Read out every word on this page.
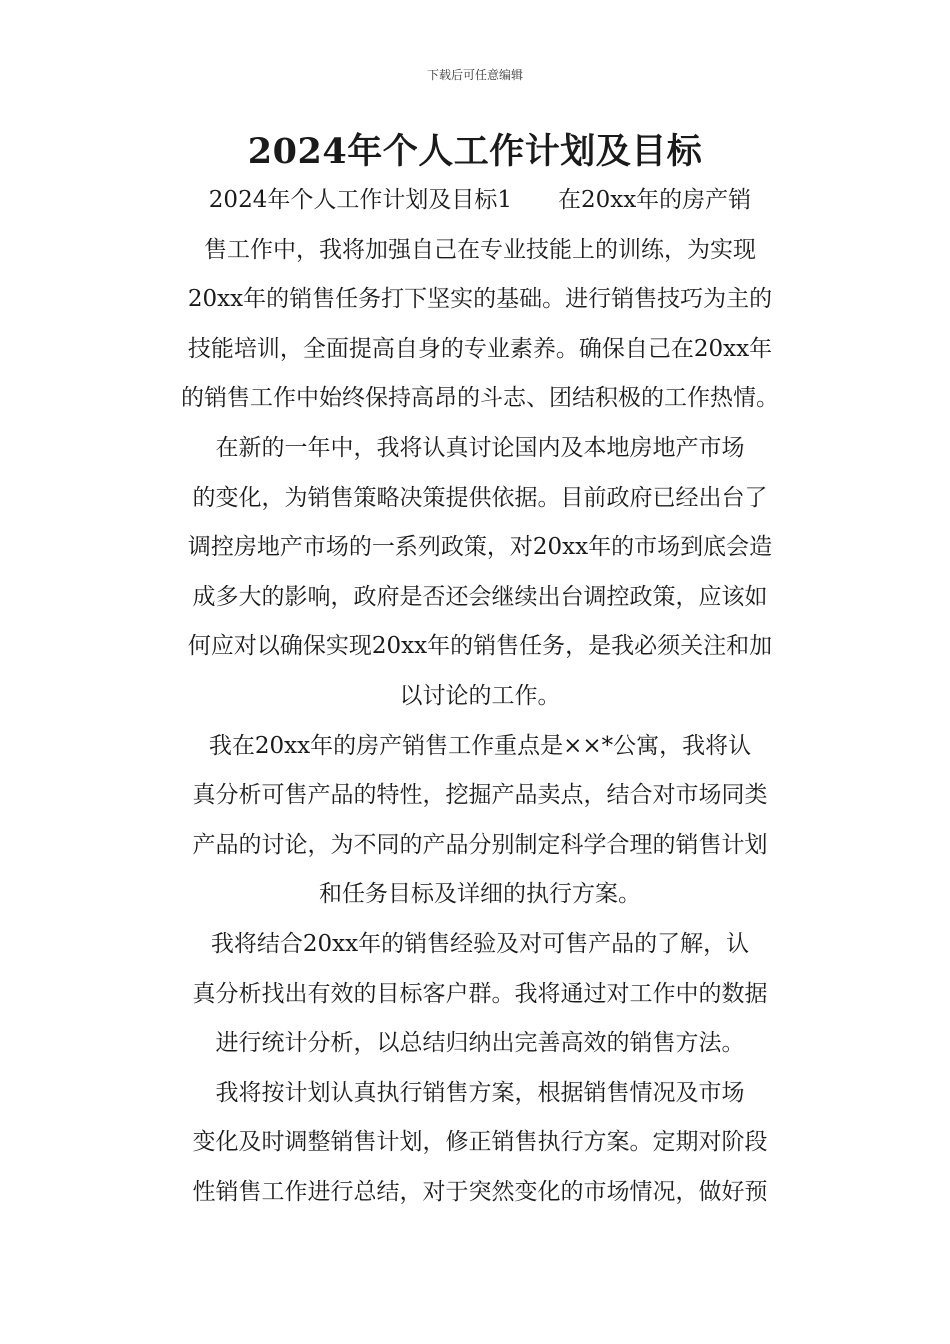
下载后可任意编辑
2024年个人工作计划及目标
2024年个人工作计划及目标1　　在20xx年的房产销
售工作中，我将加强自己在专业技能上的训练，为实现
20xx年的销售任务打下坚实的基础。进行销售技巧为主的
技能培训，全面提高自身的专业素养。确保自己在20xx年
的销售工作中始终保持高昂的斗志、团结积极的工作热情。
在新的一年中，我将认真讨论国内及本地房地产市场
的变化，为销售策略决策提供依据。目前政府已经出台了
调控房地产市场的一系列政策，对20xx年的市场到底会造
成多大的影响，政府是否还会继续出台调控政策，应该如
何应对以确保实现20xx年的销售任务，是我必须关注和加
以讨论的工作。
我在20xx年的房产销售工作重点是××*公寓，我将认
真分析可售产品的特性，挖掘产品卖点，结合对市场同类
产品的讨论，为不同的产品分别制定科学合理的销售计划
和任务目标及详细的执行方案。
我将结合20xx年的销售经验及对可售产品的了解，认
真分析找出有效的目标客户群。我将通过对工作中的数据
进行统计分析，以总结归纳出完善高效的销售方法。
我将按计划认真执行销售方案，根据销售情况及市场
变化及时调整销售计划，修正销售执行方案。定期对阶段
性销售工作进行总结，对于突然变化的市场情况，做好预
